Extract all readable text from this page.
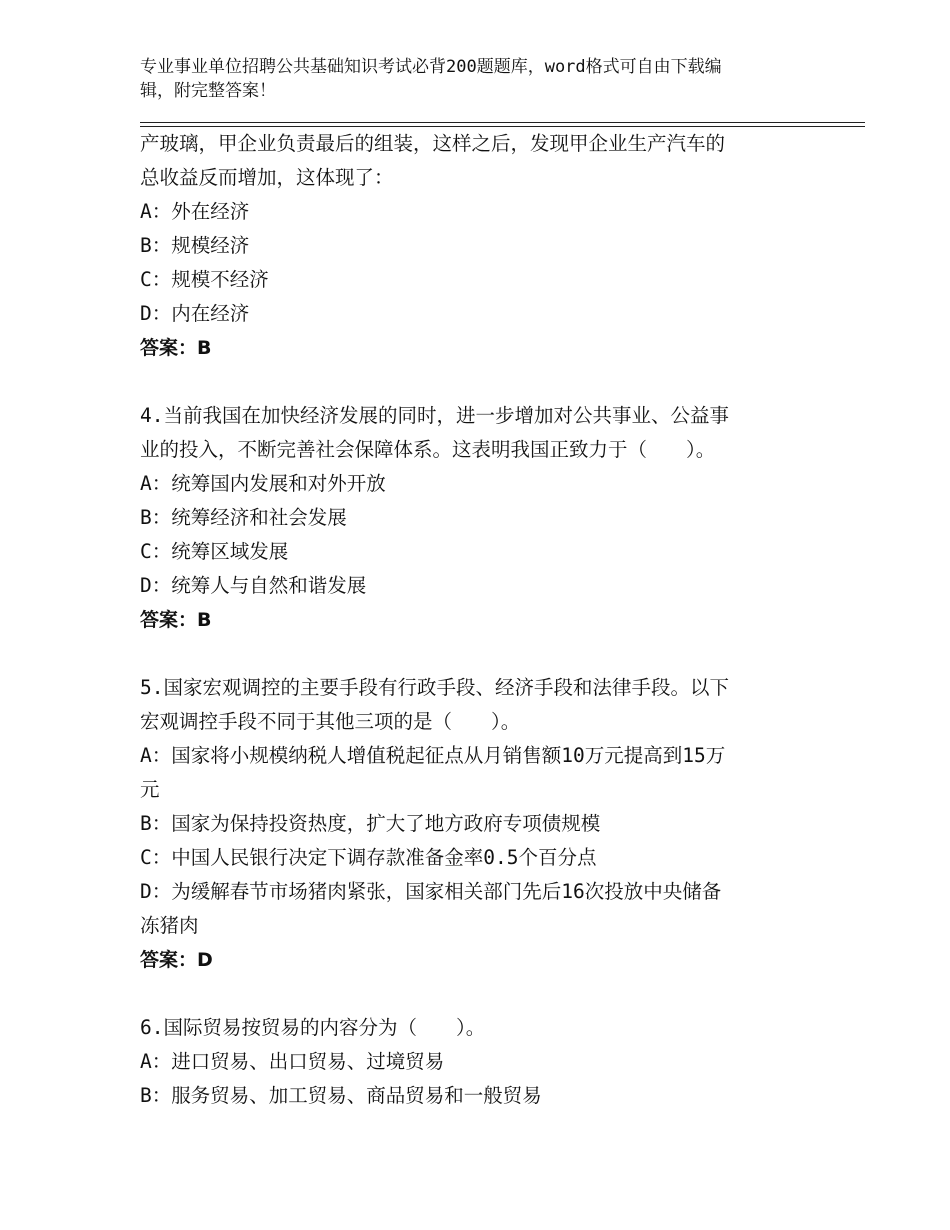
专业事业单位招聘公共基础知识考试必背200题题库，word格式可自由下载编
辑，附完整答案！
产玻璃，甲企业负责最后的组装，这样之后，发现甲企业生产汽车的
总收益反而增加，这体现了：
A：外在经济
B：规模经济
C：规模不经济
D：内在经济
答案：B
4.当前我国在加快经济发展的同时，进一步增加对公共事业、公益事
业的投入，不断完善社会保障体系。这表明我国正致力于（　　）。
A：统筹国内发展和对外开放
B：统筹经济和社会发展
C：统筹区域发展
D：统筹人与自然和谐发展
答案：B
5.国家宏观调控的主要手段有行政手段、经济手段和法律手段。以下
宏观调控手段不同于其他三项的是（　　）。
A：国家将小规模纳税人增值税起征点从月销售额10万元提高到15万
元
B：国家为保持投资热度，扩大了地方政府专项债规模
C：中国人民银行决定下调存款准备金率0.5个百分点
D：为缓解春节市场猪肉紧张，国家相关部门先后16次投放中央储备
冻猪肉
答案：D
6.国际贸易按贸易的内容分为（　　）。
A：进口贸易、出口贸易、过境贸易
B：服务贸易、加工贸易、商品贸易和一般贸易
